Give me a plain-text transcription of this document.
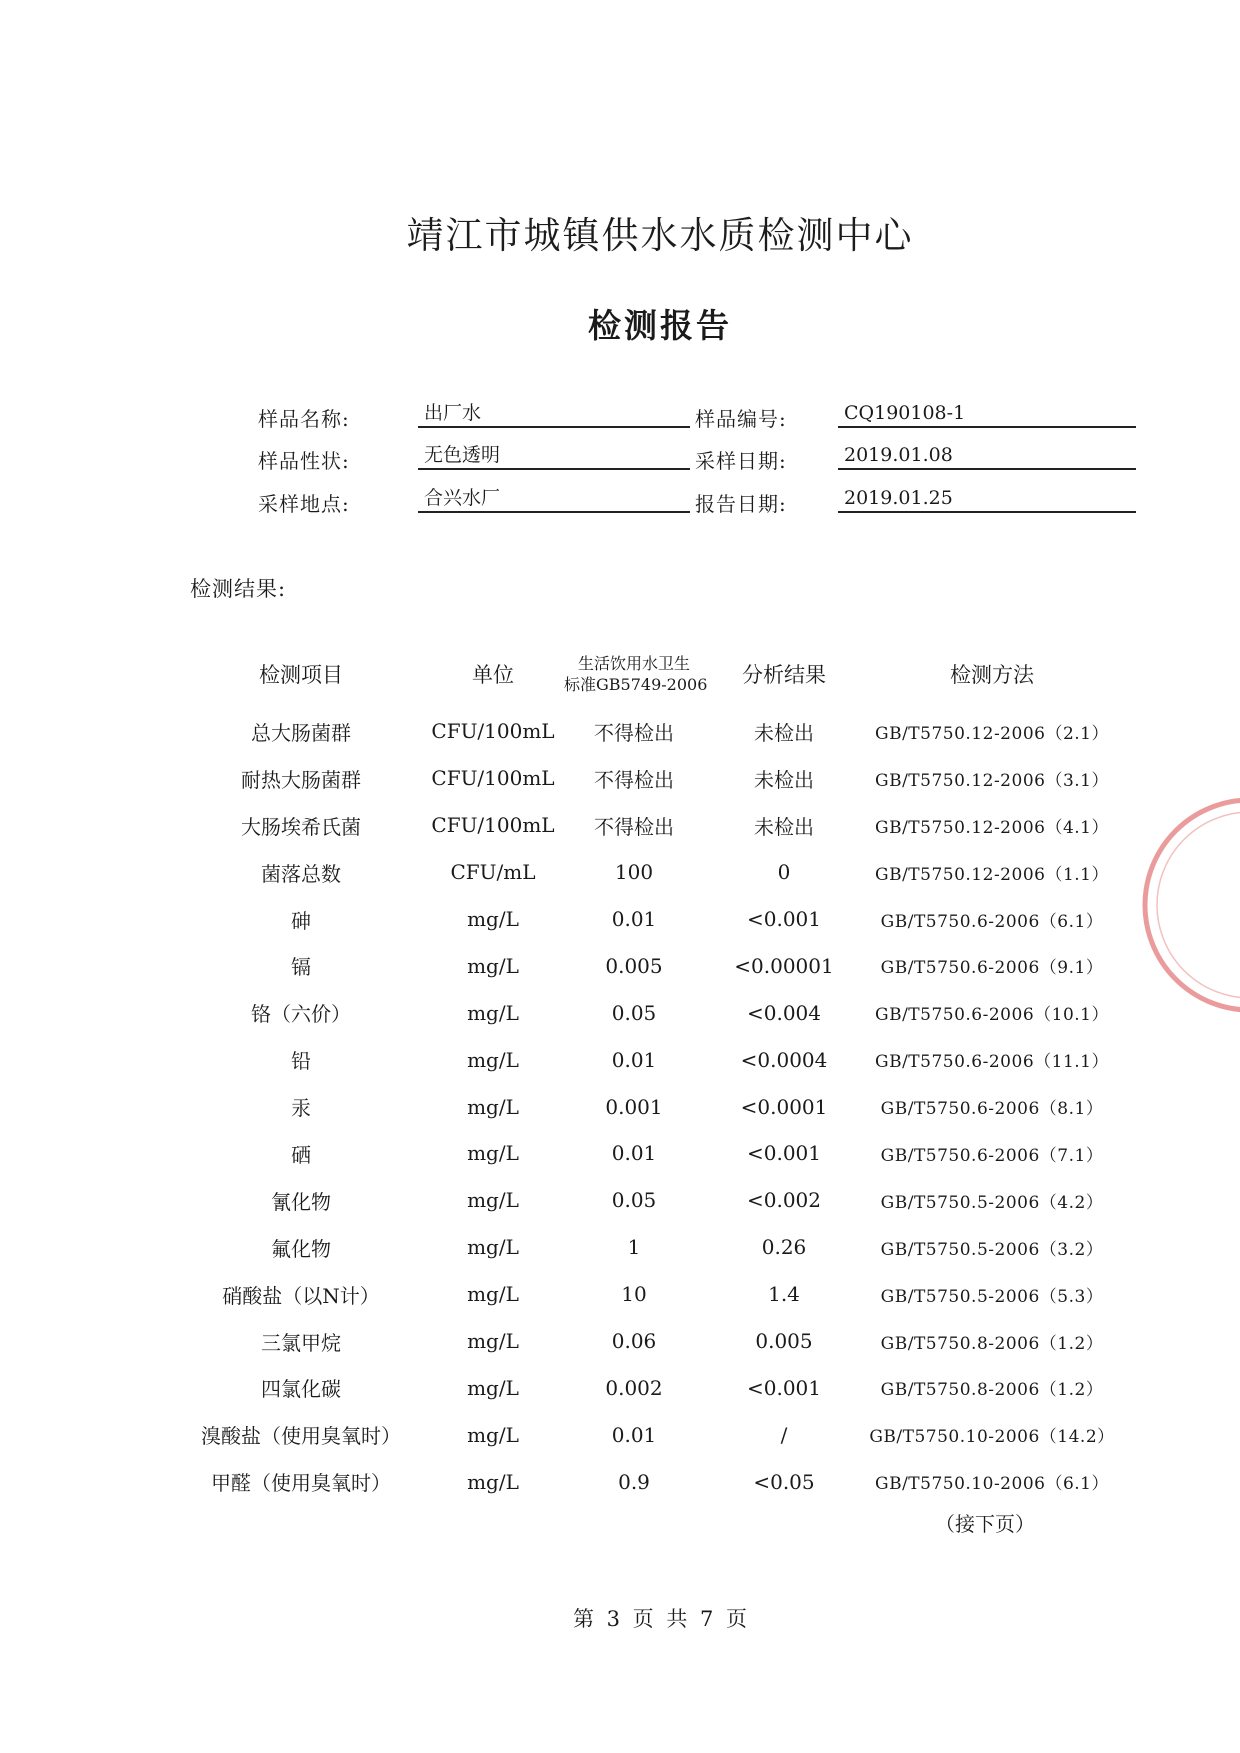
靖江市城镇供水水质检测中心
检测报告
样品名称:	出厂水	样品编号:	CQ190108-1
样品性状:	无色透明	采样日期:	2019.01.08
采样地点:	合兴水厂	报告日期:	2019.01.25
检测结果:
检测项目	单位	生活饮用水卫生
标准GB5749-2006	分析结果	检测方法
总大肠菌群	CFU/100mL	不得检出	未检出	GB/T5750.12-2006（2.1）
耐热大肠菌群	CFU/100mL	不得检出	未检出	GB/T5750.12-2006（3.1）
大肠埃希氏菌	CFU/100mL	不得检出	未检出	GB/T5750.12-2006（4.1）
菌落总数	CFU/mL	100	0	GB/T5750.12-2006（1.1）
砷	mg/L	0.01	<0.001	GB/T5750.6-2006（6.1）
镉	mg/L	0.005	<0.00001	GB/T5750.6-2006（9.1）
铬（六价）	mg/L	0.05	<0.004	GB/T5750.6-2006（10.1）
铅	mg/L	0.01	<0.0004	GB/T5750.6-2006（11.1）
汞	mg/L	0.001	<0.0001	GB/T5750.6-2006（8.1）
硒	mg/L	0.01	<0.001	GB/T5750.6-2006（7.1）
氰化物	mg/L	0.05	<0.002	GB/T5750.5-2006（4.2）
氟化物	mg/L	1	0.26	GB/T5750.5-2006（3.2）
硝酸盐（以N计）	mg/L	10	1.4	GB/T5750.5-2006（5.3）
三氯甲烷	mg/L	0.06	0.005	GB/T5750.8-2006（1.2）
四氯化碳	mg/L	0.002	<0.001	GB/T5750.8-2006（1.2）
溴酸盐（使用臭氧时）	mg/L	0.01	/	GB/T5750.10-2006（14.2）
甲醛（使用臭氧时）	mg/L	0.9	<0.05	GB/T5750.10-2006（6.1）
（接下页）
第 3 页 共 7 页
